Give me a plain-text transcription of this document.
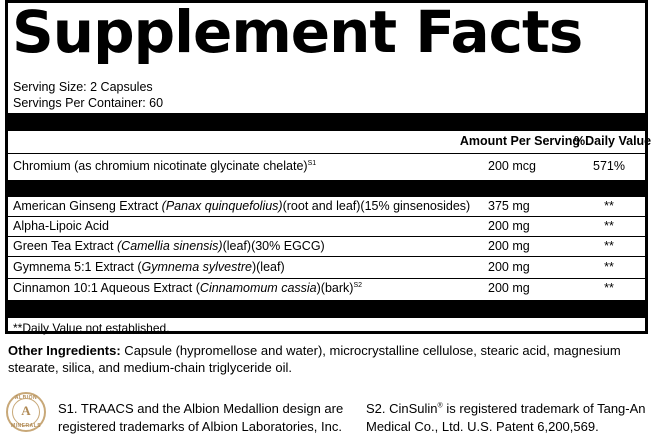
Supplement Facts
Serving Size: 2 Capsules
Servings Per Container: 60
Amount Per Serving
%Daily Value
Chromium (as chromium nicotinate glycinate chelate)$^{S1}$	200 mcg	571%
American Ginseng Extract (Panax quinquefolius)(root and leaf)(15% ginsenosides) 375 mg	**
Alpha-Lipoic Acid	200 mg	**
Green Tea Extract (Camellia sinensis)(leaf)(30% EGCG)	200 mg	**
Gymnema 5:1 Extract (Gymnema sylvestre)(leaf)	200 mg	**
Cinnamon 10:1 Aqueous Extract (Cinnamomum cassia)(bark)$^{S2}$	200 mg	**
**Daily Value not established.
Other Ingredients: Capsule (hypromellose and water), microcrystalline cellulose, stearic acid, magnesium stearate, silica, and medium-chain triglyceride oil.
ALBION
A
MINERALS
S1. TRAACS and the Albion Medallion design are registered trademarks of Albion Laboratories, Inc.
S2. CinSulin® is registered trademark of Tang-An Medical Co., Ltd. U.S. Patent 6,200,569.
